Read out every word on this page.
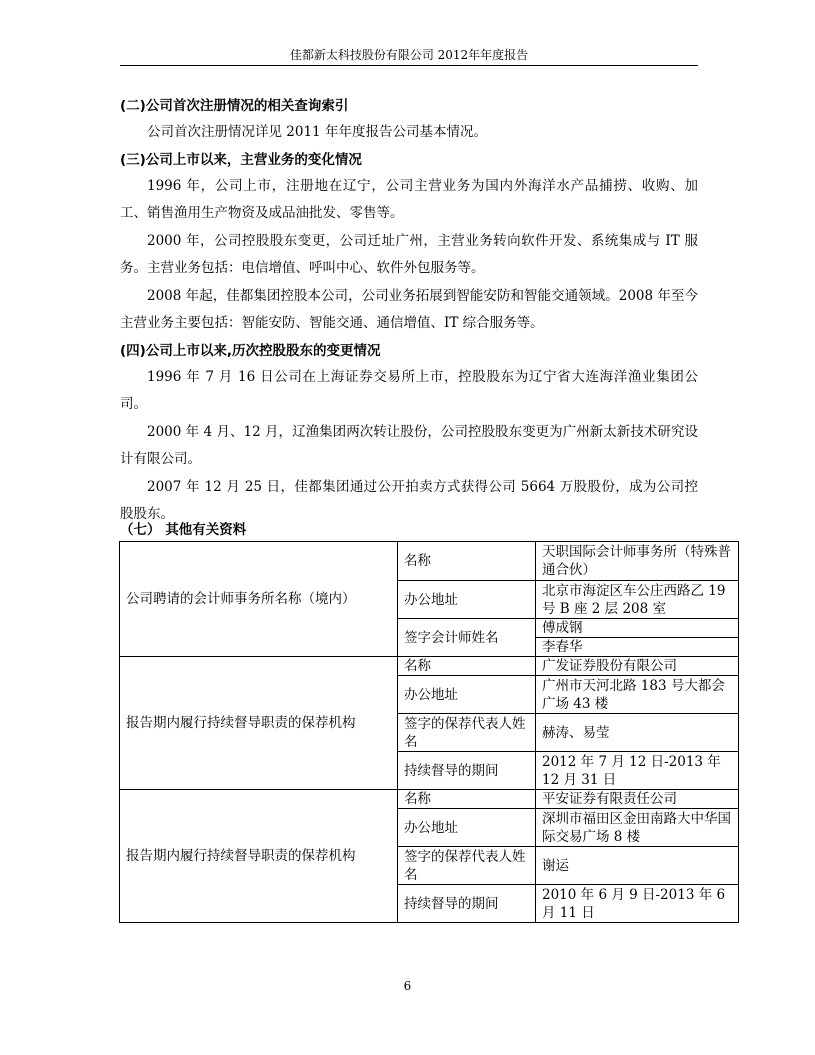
佳都新太科技股份有限公司 2012年年度报告
(二)公司首次注册情况的相关查询索引

公司首次注册情况详见 2011 年年度报告公司基本情况。

(三)公司上市以来，主营业务的变化情况

1996 年，公司上市，注册地在辽宁，公司主营业务为国内外海洋水产品捕捞、收购、加工、销售渔用生产物资及成品油批发、零售等。

2000 年，公司控股股东变更，公司迁址广州，主营业务转向软件开发、系统集成与 IT 服务。主营业务包括：电信增值、呼叫中心、软件外包服务等。

2008 年起，佳都集团控股本公司，公司业务拓展到智能安防和智能交通领域。2008 年至今主营业务主要包括：智能安防、智能交通、通信增值、IT 综合服务等。

(四)公司上市以来,历次控股股东的变更情况

1996 年 7 月 16 日公司在上海证券交易所上市，控股股东为辽宁省大连海洋渔业集团公司。

2000 年 4 月、12 月，辽渔集团两次转让股份，公司控股股东变更为广州新太新技术研究设计有限公司。

2007 年 12 月 25 日，佳都集团通过公开拍卖方式获得公司 5664 万股股份，成为公司控股股东。

（七） 其他有关资料
公司聘请的会计师事务所名称（境内）	名称	天职国际会计师事务所（特殊普通合伙）
	办公地址	北京市海淀区车公庄西路乙 19 号 B 座 2 层 208 室
	签字会计师姓名	傅成钢
		李春华
报告期内履行持续督导职责的保荐机构	名称	广发证券股份有限公司
	办公地址	广州市天河北路 183 号大都会广场 43 楼
	签字的保荐代表人姓名	赫涛、易莹
	持续督导的期间	2012 年 7 月 12 日-2013 年 12 月 31 日
报告期内履行持续督导职责的保荐机构	名称	平安证券有限责任公司
	办公地址	深圳市福田区金田南路大中华国际交易广场 8 楼
	签字的保荐代表人姓名	谢运
	持续督导的期间	2010 年 6 月 9 日-2013 年 6 月 11 日
6
